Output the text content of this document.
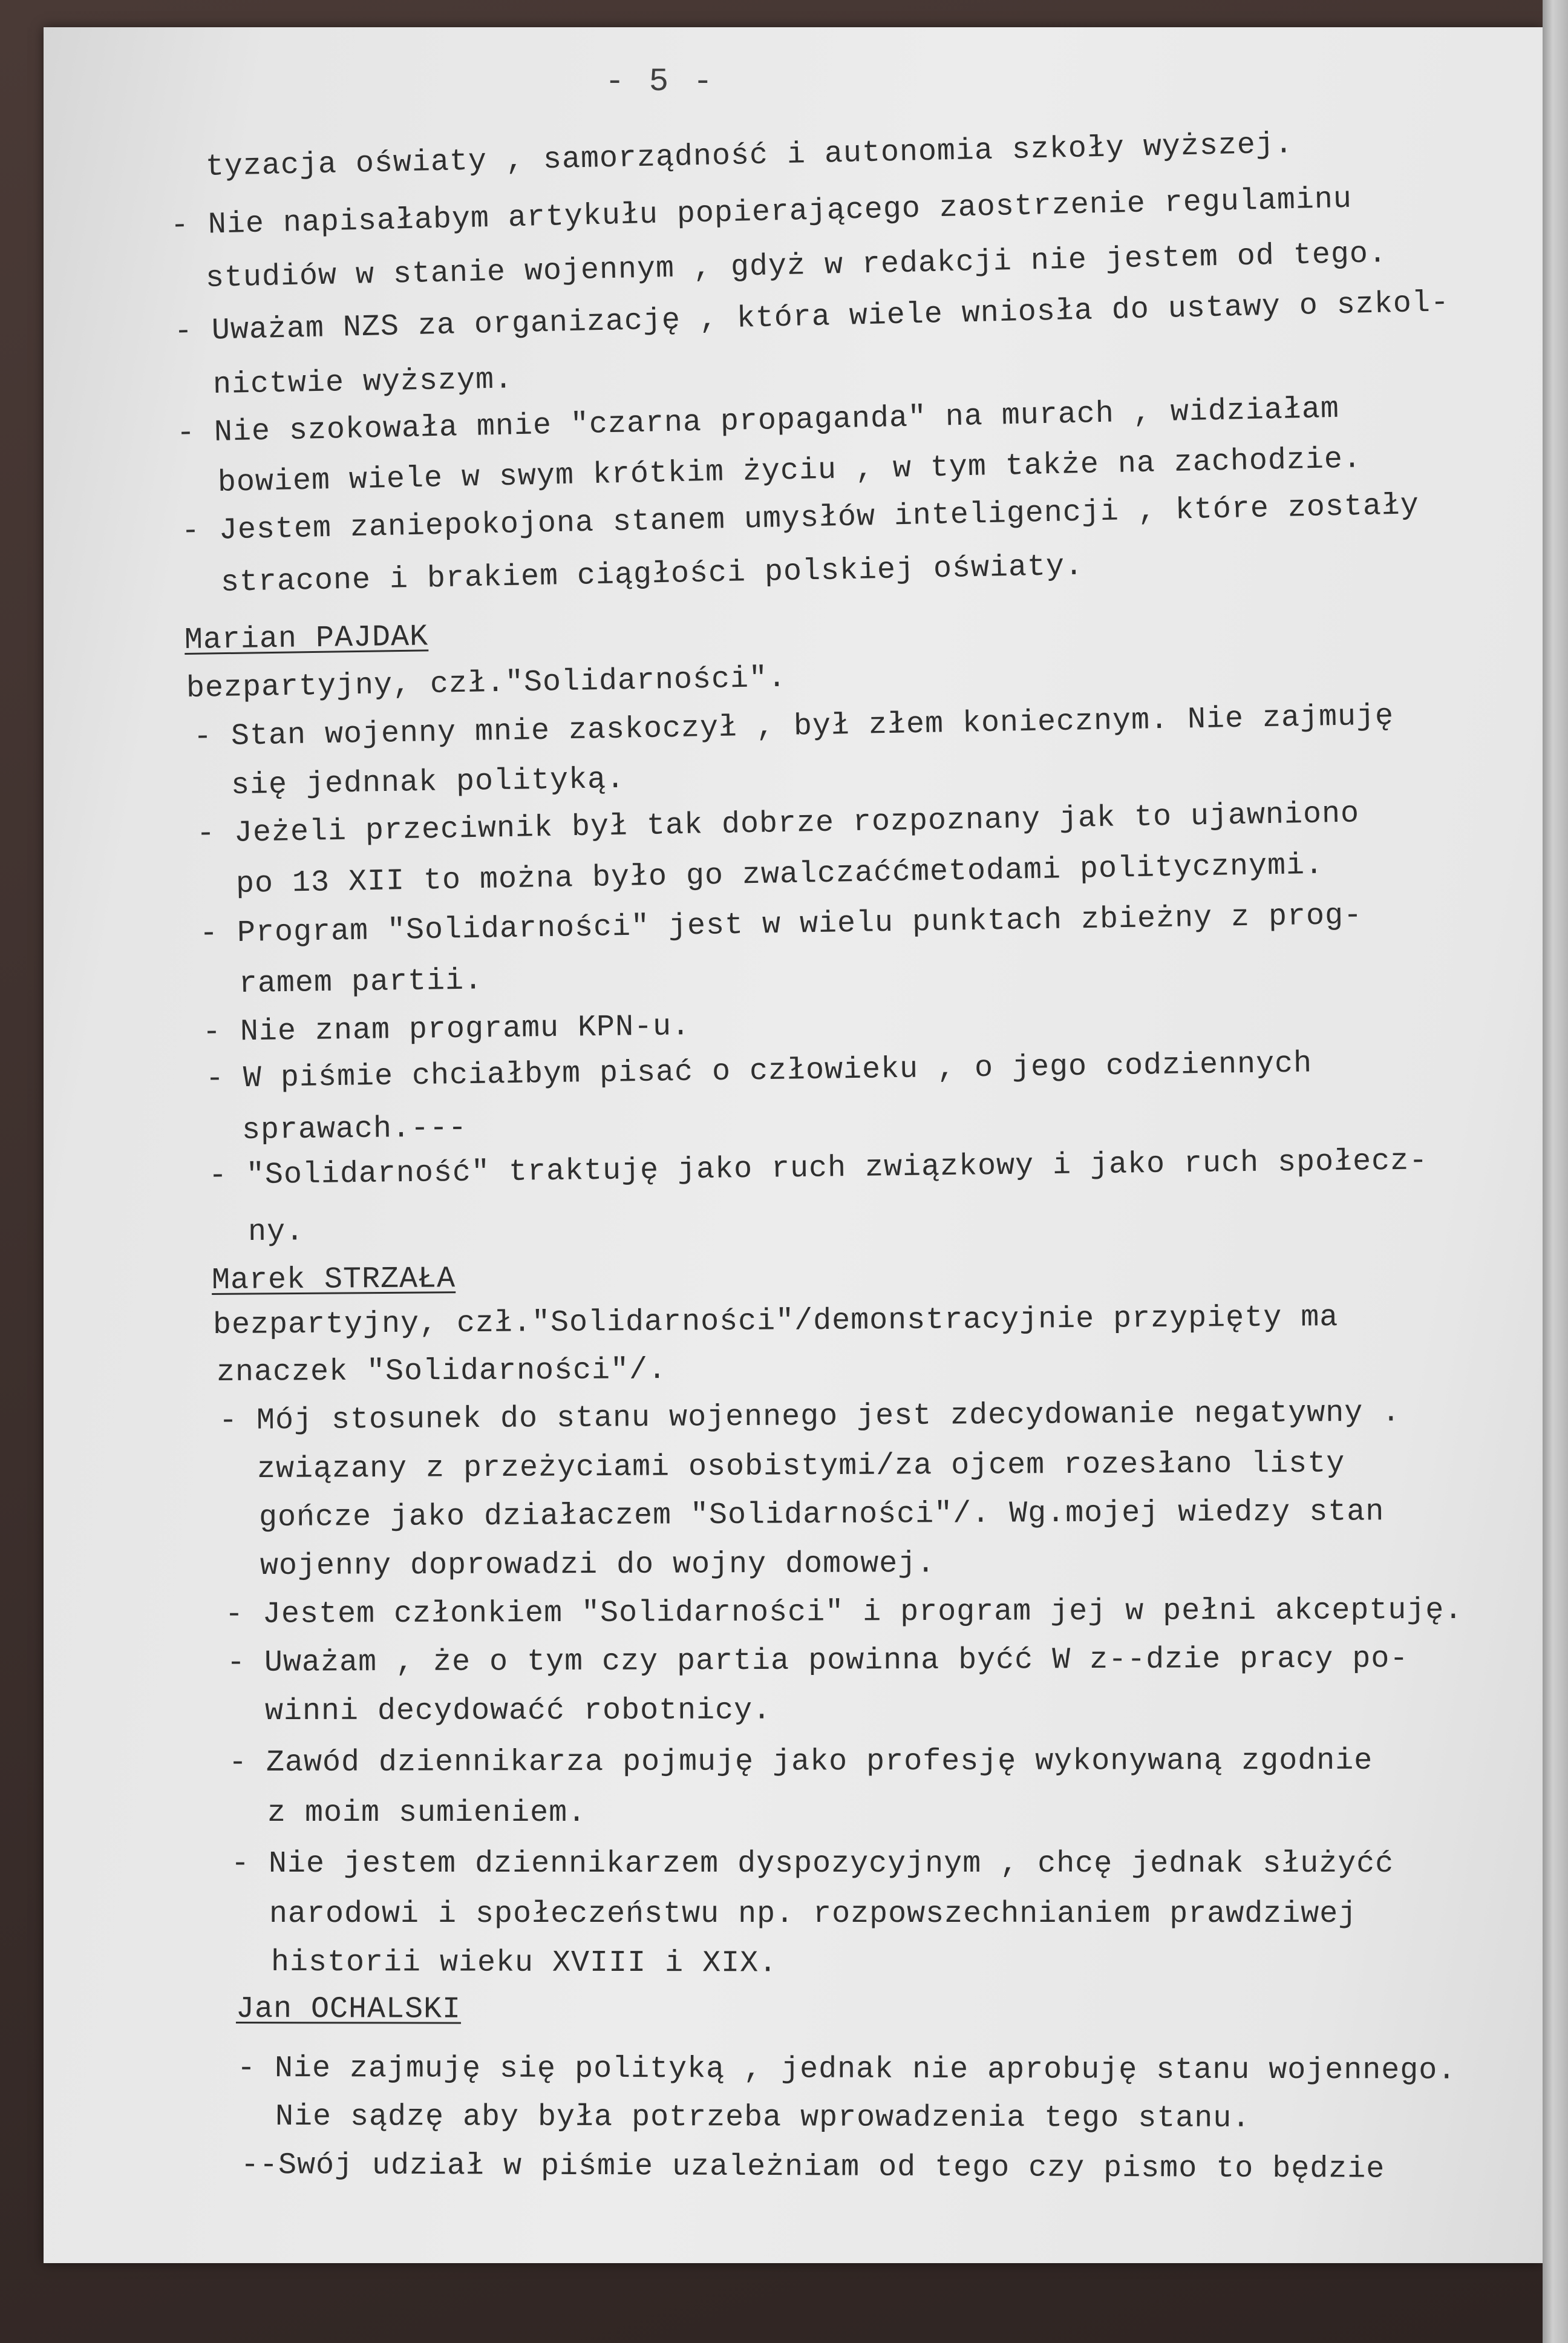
- 5 -
tyzacja oświaty , samorządność i autonomia szkoły wyższej.
- Nie napisałabym artykułu popierającego zaostrzenie regulaminu
studiów w stanie wojennym , gdyż w redakcji nie jestem od tego.
- Uważam NZS za organizację , która wiele wniosła do ustawy o szkol-
nictwie wyższym.
- Nie szokowała mnie "czarna propaganda" na murach , widziałam
bowiem wiele w swym krótkim życiu , w tym także na zachodzie.
- Jestem zaniepokojona stanem umysłów inteligencji , które zostały
stracone i brakiem ciągłości polskiej oświaty.
Marian PAJDAK
bezpartyjny, czł."Solidarności".
- Stan wojenny mnie zaskoczył , był złem koniecznym. Nie zajmuję
się jednnak polityką.
- Jeżeli przeciwnik był tak dobrze rozpoznany jak to ujawniono
po 13 XII to można było go zwalczaććmetodami politycznymi.
- Program "Solidarności" jest w wielu punktach zbieżny z prog-
ramem partii.
- Nie znam programu KPN-u.
- W piśmie chciałbym pisać o człowieku , o jego codziennych
sprawach.---
- "Solidarność" traktuję jako ruch związkowy i jako ruch społecz-
ny.
Marek STRZAŁA
bezpartyjny, czł."Solidarności"/demonstracyjnie przypięty ma
znaczek "Solidarności"/.
- Mój stosunek do stanu wojennego jest zdecydowanie negatywny .
związany z przeżyciami osobistymi/za ojcem rozesłano listy
gończe jako działaczem "Solidarności"/. Wg.mojej wiedzy stan
wojenny doprowadzi do wojny domowej.
- Jestem członkiem "Solidarności" i program jej w pełni akceptuję.
- Uważam , że o tym czy partia powinna byćć W z--dzie pracy po-
winni decydowaćć robotnicy.
- Zawód dziennikarza pojmuję jako profesję wykonywaną zgodnie
z moim sumieniem.
- Nie jestem dziennikarzem dyspozycyjnym , chcę jednak służyćć
narodowi i społeczeństwu np. rozpowszechnianiem prawdziwej
historii wieku XVIII i XIX.
Jan OCHALSKI
- Nie zajmuję się polityką , jednak nie aprobuję stanu wojennego.
Nie sądzę aby była potrzeba wprowadzenia tego stanu.
--Swój udział w piśmie uzależniam od tego czy pismo to będzie
